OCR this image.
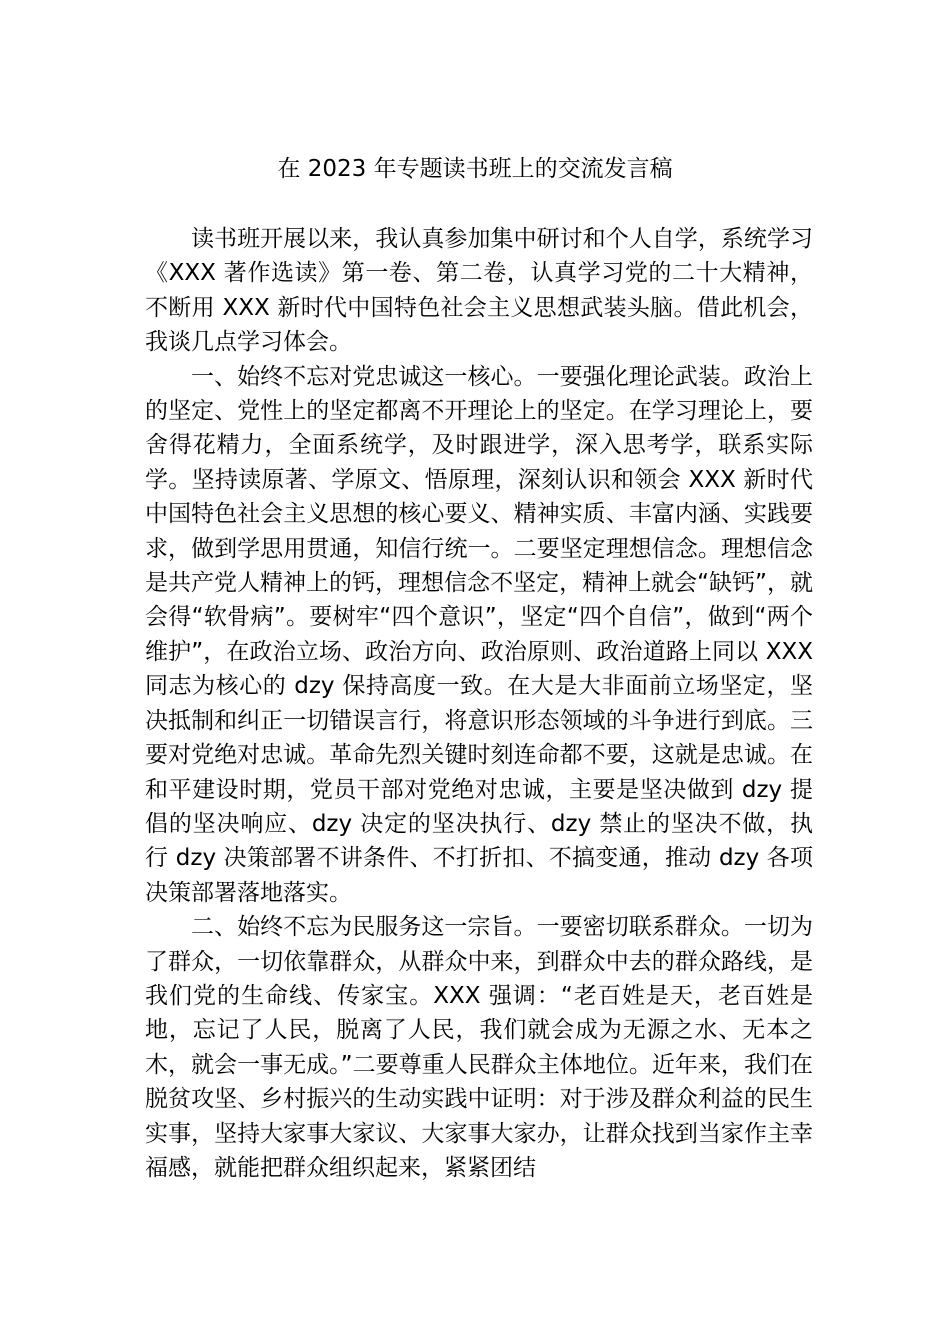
在 2023 年专题读书班上的交流发言稿

读书班开展以来，我认真参加集中研讨和个人自学，系统学习《XXX 著作选读》第一卷、第二卷，认真学习党的二十大精神，不断用 XXX 新时代中国特色社会主义思想武装头脑。借此机会，我谈几点学习体会。

一、始终不忘对党忠诚这一核心。一要强化理论武装。政治上的坚定、党性上的坚定都离不开理论上的坚定。在学习理论上，要舍得花精力，全面系统学，及时跟进学，深入思考学，联系实际学。坚持读原著、学原文、悟原理，深刻认识和领会 XXX 新时代中国特色社会主义思想的核心要义、精神实质、丰富内涵、实践要求，做到学思用贯通，知信行统一。二要坚定理想信念。理想信念是共产党人精神上的钙，理想信念不坚定，精神上就会“缺钙”，就会得“软骨病”。要树牢“四个意识”，坚定“四个自信”，做到“两个维护”，在政治立场、政治方向、政治原则、政治道路上同以 XXX 同志为核心的 dzy 保持高度一致。在大是大非面前立场坚定，坚决抵制和纠正一切错误言行，将意识形态领域的斗争进行到底。三要对党绝对忠诚。革命先烈关键时刻连命都不要，这就是忠诚。在和平建设时期，党员干部对党绝对忠诚，主要是坚决做到 dzy 提倡的坚决响应、dzy 决定的坚决执行、dzy 禁止的坚决不做，执行 dzy 决策部署不讲条件、不打折扣、不搞变通，推动 dzy 各项决策部署落地落实。

二、始终不忘为民服务这一宗旨。一要密切联系群众。一切为了群众，一切依靠群众，从群众中来，到群众中去的群众路线，是我们党的生命线、传家宝。XXX 强调：“老百姓是天，老百姓是地，忘记了人民，脱离了人民，我们就会成为无源之水、无本之木，就会一事无成。”二要尊重人民群众主体地位。近年来，我们在脱贫攻坚、乡村振兴的生动实践中证明：对于涉及群众利益的民生实事，坚持大家事大家议、大家事大家办，让群众找到当家作主幸福感，就能把群众组织起来，紧紧团结
